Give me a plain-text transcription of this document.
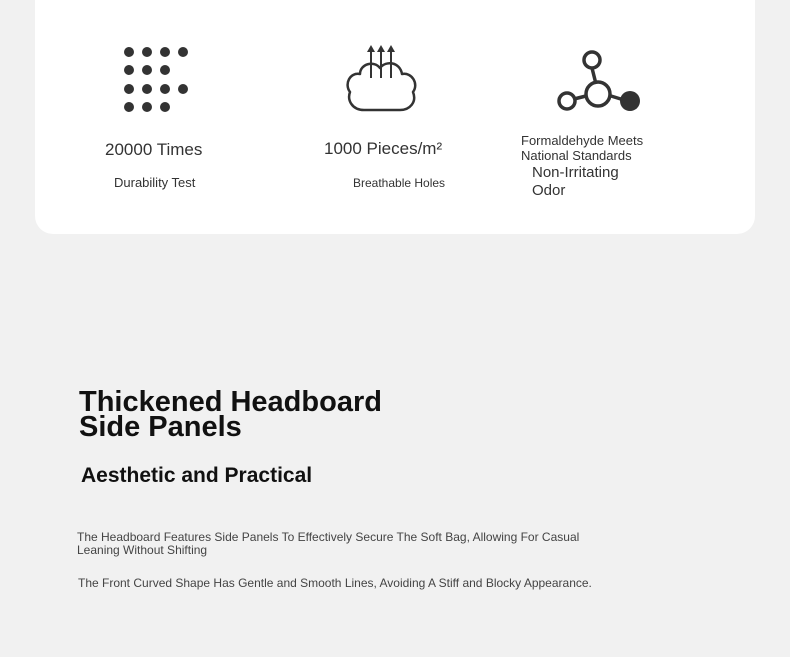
20000 Times
Durability Test
1000 Pieces/m²
Breathable Holes
Formaldehyde Meets
National Standards
Non-Irritating
Odor
Thickened Headboard
Side Panels
Aesthetic and Practical
The Headboard Features Side Panels To Effectively Secure The Soft Bag, Allowing For Casual
Leaning Without Shifting
The Front Curved Shape Has Gentle and Smooth Lines, Avoiding A Stiff and Blocky Appearance.
